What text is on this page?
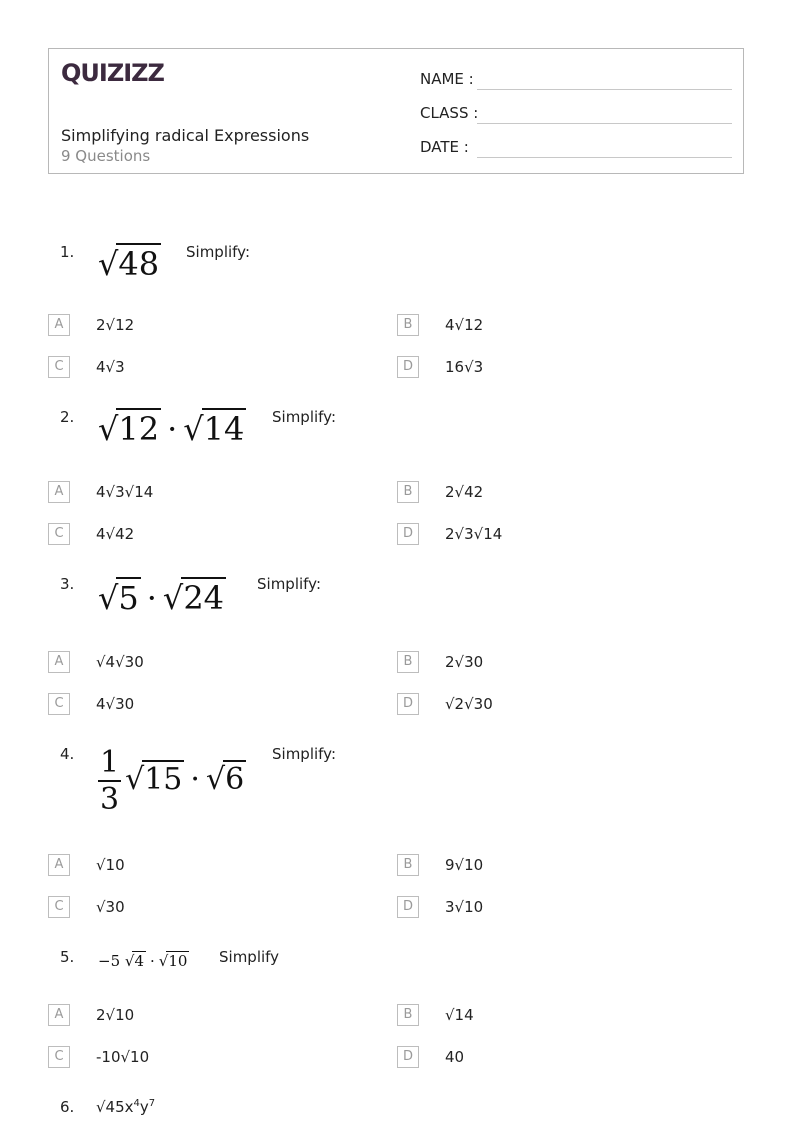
QUIZIZZ
Simplifying radical Expressions
9 Questions
NAME :
CLASS :
DATE :
1. √48 Simplify:
A	2√12	B	4√12
C	4√3	D	16√3
2. √12 · √14 Simplify:
A	4√3√14	B	2√42
C	4√42	D	2√3√14
3. √5 · √24 Simplify:
A	√4√30	B	2√30
C	4√30	D	√2√30
4. $\frac{1}{3} √15 \cdot √6$
Simplify:
A	√10	B	9√10
C	√30	D	3√10
5. −5 √4 · √10 Simplify
A	2√10	B	√14
C	-10√10	D	40
6. $√45x^4y^7$
